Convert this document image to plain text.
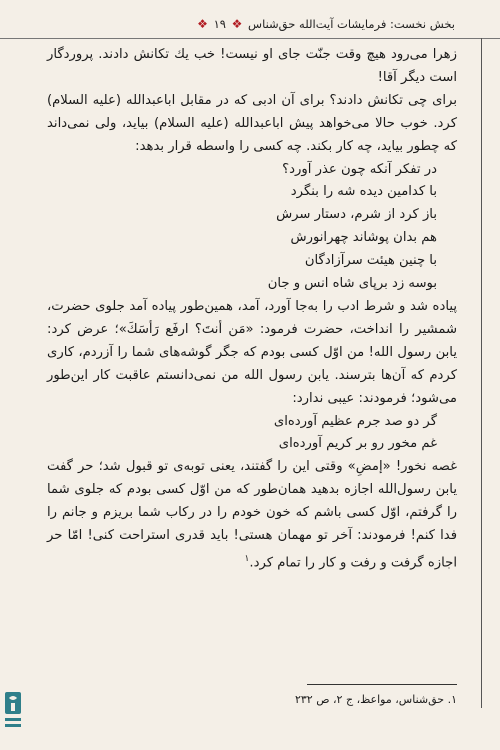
بخش نخست: فرمایشات آیت‌الله حق‌شناس ❖ ۱۹ ❖

زهرا می‌رود هیچ وقت جنّت جای او نیست! خب یك تکانش دادند. پروردگار است دیگر آقا!

برای چی تکانش دادند؟ برای آن ادبی که در مقابل اباعبدالله (علیه السلام) کرد. خوب حالا می‌خواهد پیش اباعبدالله (علیه السلام) بیاید، ولی نمی‌داند که چطور بیاید، چه کار بکند. چه کسی را واسطه قرار بدهد:

در تفکر آنکه چون عذر آورد؟

با کدامین دیده شه را بنگرد

باز کرد از شرم، دستار سرش

هم بدان پوشاند چهرانورش

با چنین هیئت سرآزادگان

بوسه زد برپای شاه انس و جان

پیاده شد و شرط ادب را به‌جا آورد، آمد، همین‌طور پیاده آمد جلوی حضرت، شمشیر را انداخت، حضرت فرمود: «مَن أنتَ؟ ارفَع رَأسَكَ»؛ عرض کرد: یابن رسول الله! من اوّل کسی بودم که جگر گوشه‌های شما را آزردم، کاری کردم که آن‌ها بترسند. یابن رسول الله من نمی‌دانستم عاقبت کار این‌طور می‌شود؛ فرمودند: عیبی ندارد:

گر دو صد جرم عظیم آورده‌ای

غم مخور رو بر کریم آورده‌ای

غصه نخور! «إمضِ» وقتی این را گفتند، یعنی توبه‌ی تو قبول شد؛ حر گفت یابن رسول‌الله اجازه بدهید همان‌طور که من اوّل کسی بودم که جلوی شما را گرفتم، اوّل کسی باشم که خون خودم را در رکاب شما بریزم و جانم را فدا کنم! فرمودند: آخر تو مهمان هستی! باید قدری استراحت کنی! امّا حر اجازه گرفت و رفت و کار را تمام کرد.$^۱$

۱. حق‌شناس، مواعظ، ج ۲، ص ۲۳۲
